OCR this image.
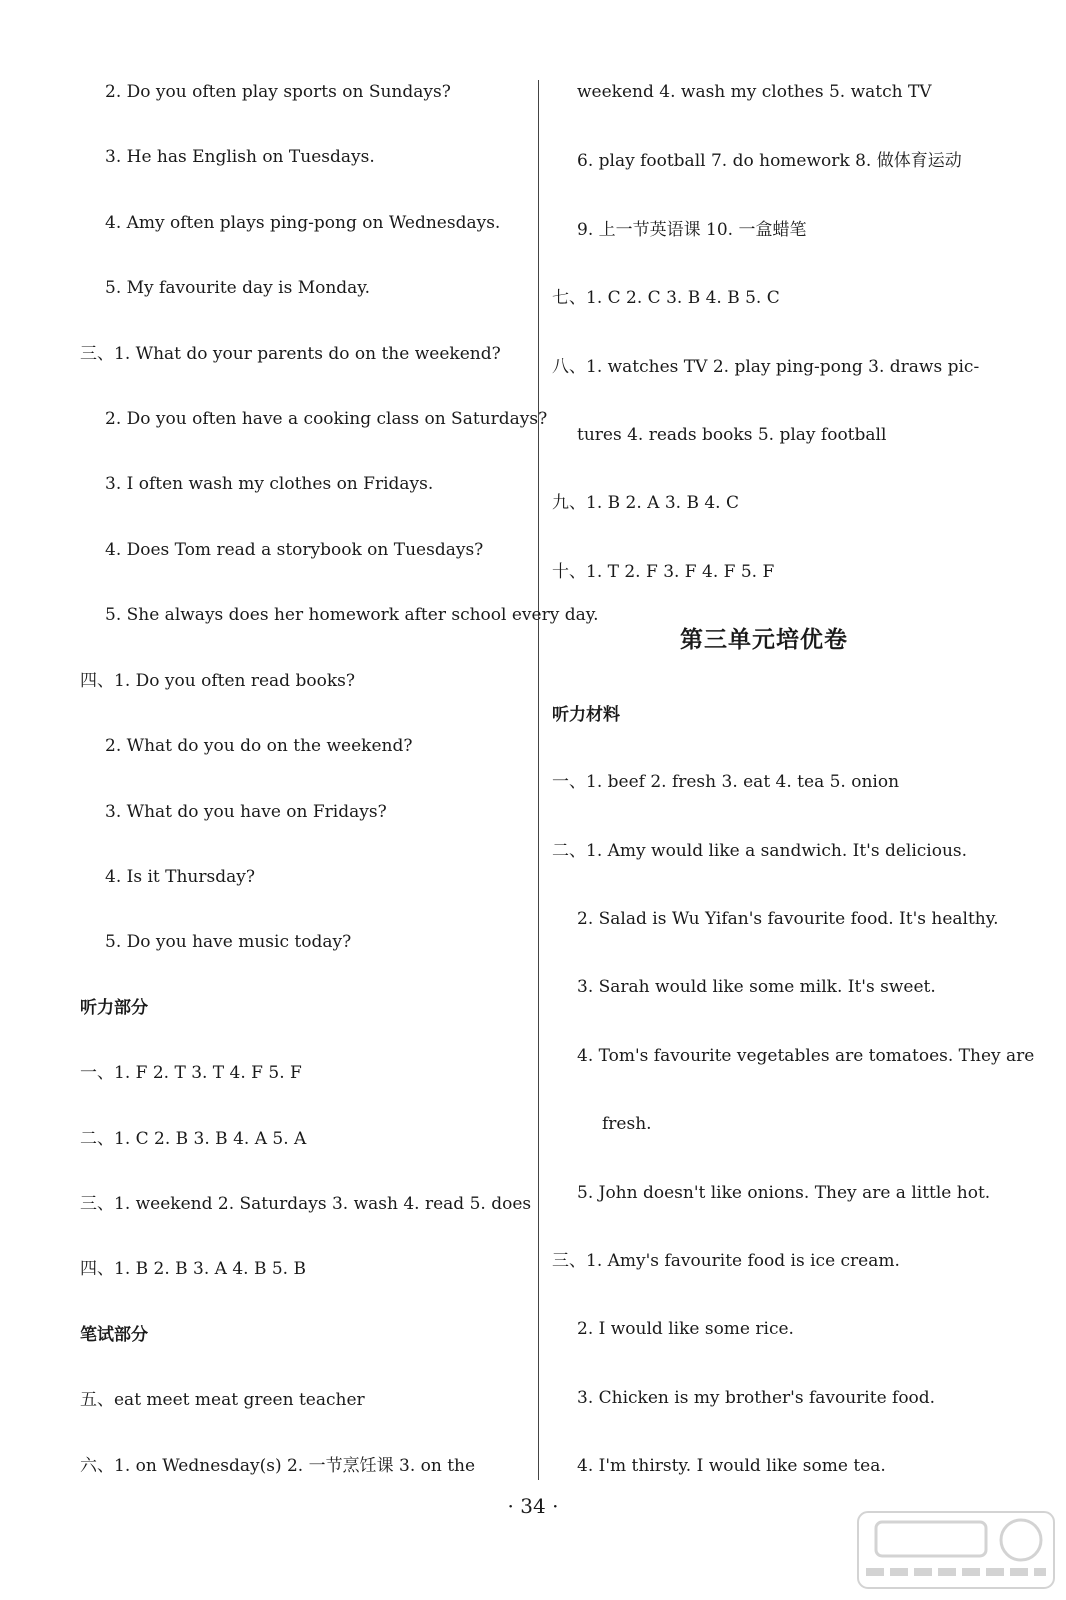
2. Do you often play sports on Sundays?
3. He has English on Tuesdays.
4. Amy often plays ping-pong on Wednesdays.
5. My favourite day is Monday.
三、1. What do your parents do on the weekend?
2. Do you often have a cooking class on Saturdays?
3. I often wash my clothes on Fridays.
4. Does Tom read a storybook on Tuesdays?
5. She always does her homework after school every day.
四、1. Do you often read books?
2. What do you do on the weekend?
3. What do you have on Fridays?
4. Is it Thursday?
5. Do you have music today?
听力部分
一、1. F 2. T 3. T 4. F 5. F
二、1. C 2. B 3. B 4. A 5. A
三、1. weekend 2. Saturdays 3. wash 4. read 5. does
四、1. B 2. B 3. A 4. B 5. B
笔试部分
五、eat meet meat green teacher
六、1. on Wednesday(s) 2. 一节烹饪课 3. on the
weekend 4. wash my clothes 5. watch TV
6. play football 7. do homework 8. 做体育运动
9. 上一节英语课 10. 一盒蜡笔
七、1. C 2. C 3. B 4. B 5. C
八、1. watches TV 2. play ping-pong 3. draws pic-
tures 4. reads books 5. play football
九、1. B 2. A 3. B 4. C
十、1. T 2. F 3. F 4. F 5. F
第三单元培优卷
听力材料
一、1. beef 2. fresh 3. eat 4. tea 5. onion
二、1. Amy would like a sandwich. It's delicious.
2. Salad is Wu Yifan's favourite food. It's healthy.
3. Sarah would like some milk. It's sweet.
4. Tom's favourite vegetables are tomatoes. They are
fresh.
5. John doesn't like onions. They are a little hot.
三、1. Amy's favourite food is ice cream.
2. I would like some rice.
3. Chicken is my brother's favourite food.
4. I'm thirsty. I would like some tea.
· 34 ·
